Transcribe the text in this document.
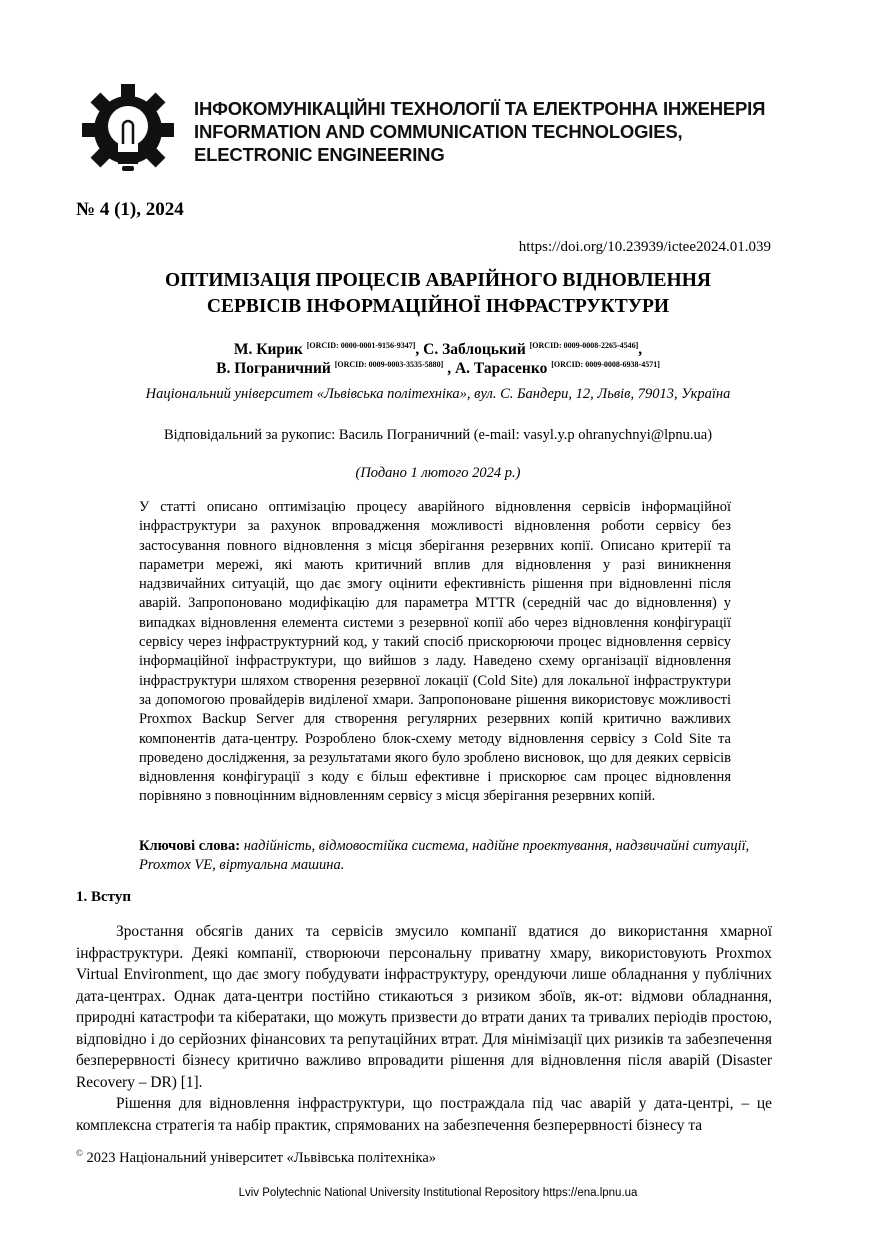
ІНФОКОМУНІКАЦІЙНІ ТЕХНОЛОГІЇ ТА ЕЛЕКТРОННА ІНЖЕНЕРІЯ
INFORMATION AND COMMUNICATION TECHNOLOGIES,
ELECTRONIC ENGINEERING
№ 4 (1), 2024
https://doi.org/10.23939/ictee2024.01.039
ОПТИМІЗАЦІЯ ПРОЦЕСІВ АВАРІЙНОГО ВІДНОВЛЕННЯ
СЕРВІСІВ ІНФОРМАЦІЙНОЇ ІНФРАСТРУКТУРИ
М. Кирик [ORCID: 0000-0001-9156-9347], С. Заблоцький [ORCID: 0009-0008-2265-4546],
В. Пограничний [ORCID: 0009-0003-3535-5880] , А. Тарасенко [ORCID: 0009-0008-6938-4571]
Національний університет «Львівська політехніка», вул. С. Бандери, 12, Львів, 79013, Україна
Відповідальний за рукопис: Василь Пограничний (e-mail: vasyl.y.p ohranychnyi@lpnu.ua)
(Подано 1 лютого 2024 р.)
У статті описано оптимізацію процесу аварійного відновлення сервісів інформаційної інфраструктури за рахунок впровадження можливості відновлення роботи сервісу без застосування повного відновлення з місця зберігання резервних копії. Описано критерії та параметри мережі, які мають критичний вплив для відновлення у разі виникнення надзвичайних ситуацій, що дає змогу оцінити ефективність рішення при відновленні після аварій. Запропоновано модифікацію для параметра MTTR (середній час до відновлення) у випадках відновлення елемента системи з резервної копії або через відновлення конфігурації сервісу через інфраструктурний код, у такий спосіб прискорюючи процес відновлення сервісу інформаційної інфраструктури, що вийшов з ладу. Наведено схему організації відновлення інфраструктури шляхом створення резервної локації (Cold Site) для локальної інфраструктури за допомогою провайдерів виділеної хмари. Запропоноване рішення використовує можливості Proxmox Backup Server для створення регулярних резервних копій критично важливих компонентів дата-центру. Розроблено блок-схему методу відновлення сервісу з Cold Site та проведено дослідження, за результатами якого було зроблено висновок, що для деяких сервісів відновлення конфігурації з коду є більш ефективне і прискорює сам процес відновлення порівняно з повноцінним відновленням сервісу з місця зберігання резервних копій.
Ключові слова: надійність, відмовостійка система, надійне проектування, надзвичайні ситуації, Proxmox VE, віртуальна машина.
1. Вступ

Зростання обсягів даних та сервісів змусило компанії вдатися до використання хмарної інфраструктури. Деякі компанії, створюючи персональну приватну хмару, використовують Proxmox Virtual Environment, що дає змогу побудувати інфраструктуру, орендуючи лише обладнання у публічних дата-центрах. Однак дата-центри постійно стикаються з ризиком збоїв, як-от: відмови обладнання, природні катастрофи та кібератаки, що можуть призвести до втрати даних та тривалих періодів простою, відповідно і до серйозних фінансових та репутаційних втрат. Для мінімізації цих ризиків та забезпечення безперервності бізнесу критично важливо впровадити рішення для відновлення після аварій (Disaster Recovery – DR) [1].

Рішення для відновлення інфраструктури, що постраждала під час аварій у дата-центрі, – це комплексна стратегія та набір практик, спрямованих на забезпечення безперервності бізнесу та

© 2023 Національний університет «Львівська політехніка»
Lviv Polytechnic National University Institutional Repository https://ena.lpnu.ua
